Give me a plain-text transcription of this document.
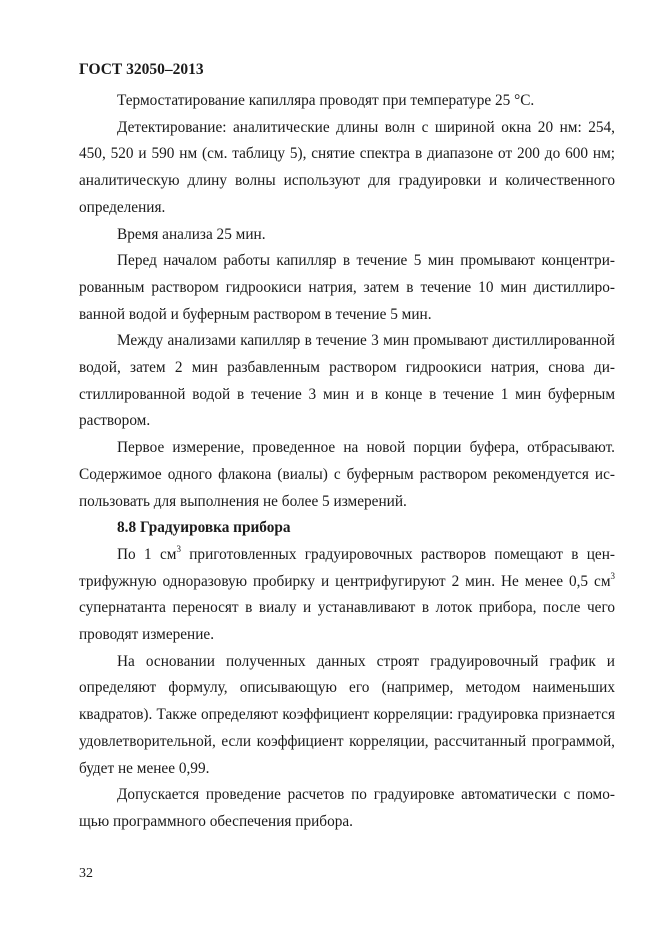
ГОСТ 32050–2013

Термостатирование капилляра проводят при температуре 25 °С.

Детектирование: аналитические длины волн с шириной окна 20 нм: 254, 450, 520 и 590 нм (см. таблицу 5), снятие спектра в диапазоне от 200 до 600 нм; аналитическую длину волны используют для градуировки и количественного определения.

Время анализа 25 мин.

Перед началом работы капилляр в течение 5 мин промывают концентрированным раствором гидроокиси натрия, затем в течение 10 мин дистиллированной водой и буферным раствором в течение 5 мин.

Между анализами капилляр в течение 3 мин промывают дистиллированной водой, затем 2 мин разбавленным раствором гидроокиси натрия, снова дистиллированной водой в течение 3 мин и в конце в течение 1 мин буферным раствором.

Первое измерение, проведенное на новой порции буфера, отбрасывают. Содержимое одного флакона (виалы) с буферным раствором рекомендуется использовать для выполнения не более 5 измерений.

8.8 Градуировка прибора

По 1 $см^3$ приготовленных градуировочных растворов помещают в центрифужную одноразовую пробирку и центрифугируют 2 мин. Не менее 0,5 $см^3$ супернатанта переносят в виалу и устанавливают в лоток прибора, после чего проводят измерение.

На основании полученных данных строят градуировочный график и определяют формулу, описывающую его (например, методом наименьших квадратов). Также определяют коэффициент корреляции: градуировка признается удовлетворительной, если коэффициент корреляции, рассчитанный программой, будет не менее 0,99.

Допускается проведение расчетов по градуировке автоматически с помощью программного обеспечения прибора.

32
